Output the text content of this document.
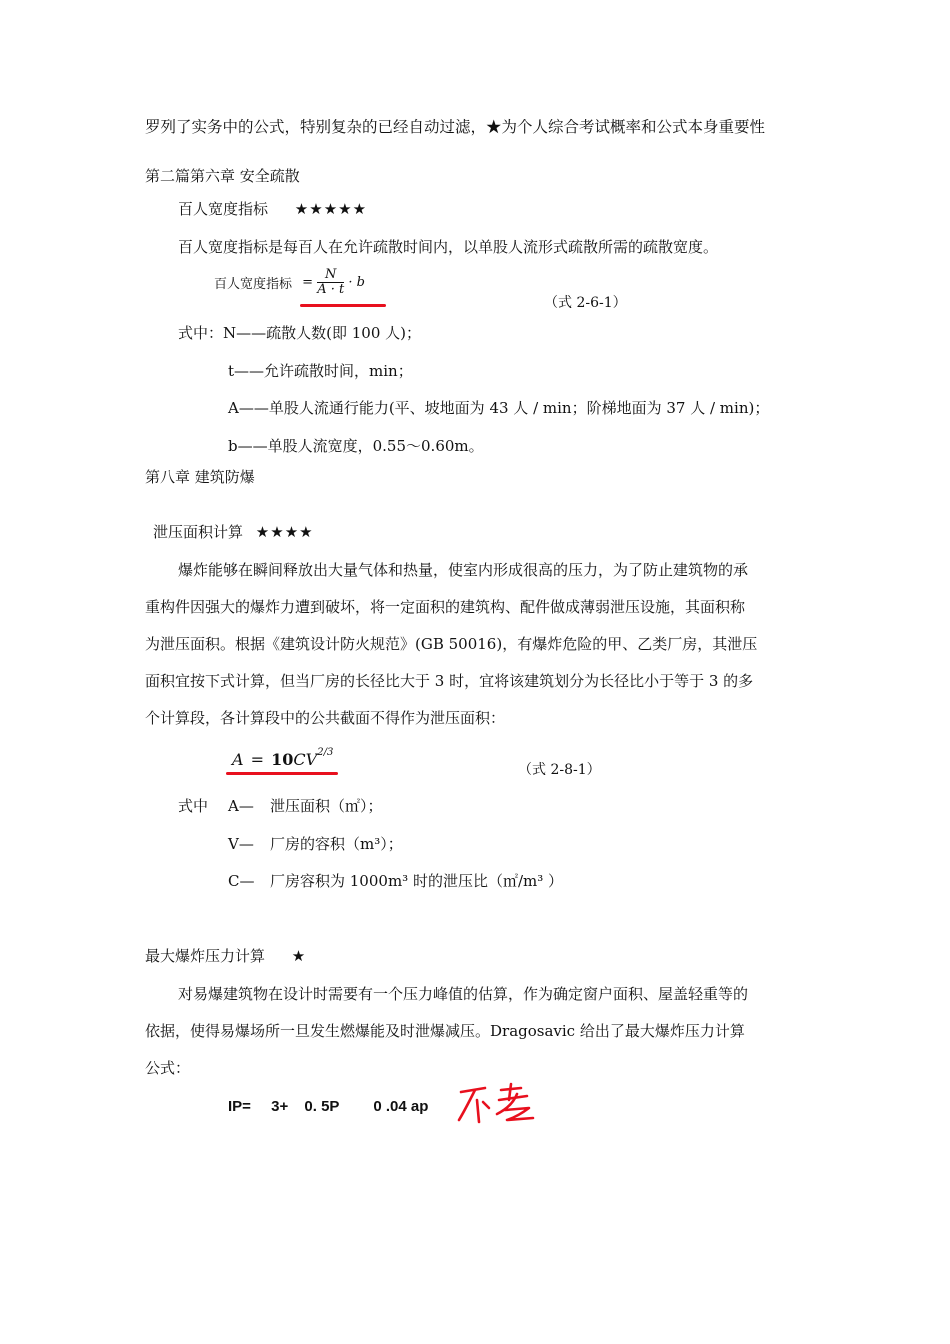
罗列了实务中的公式，特别复杂的已经自动过滤，★为个人综合考试概率和公式本身重要性
第二篇第六章 安全疏散
百人宽度指标 ★★★★★
百人宽度指标是每百人在允许疏散时间内，以单股人流形式疏散所需的疏散宽度。
百人宽度指标 = $\frac{N}{A \cdot t} \cdot b$
（式 2-6-1）
式中：N——疏散人数(即 100 人)；
t——允许疏散时间，min；
A——单股人流通行能力(平、坡地面为 43 人 / min；阶梯地面为 37 人 / min)；
b——单股人流宽度，0.55～0.60m。
第八章 建筑防爆
泄压面积计算 ★★★★
爆炸能够在瞬间释放出大量气体和热量，使室内形成很高的压力，为了防止建筑物的承
重构件因强大的爆炸力遭到破坏，将一定面积的建筑构、配件做成薄弱泄压设施，其面积称
为泄压面积。根据《建筑设计防火规范》(GB 50016)，有爆炸危险的甲、乙类厂房，其泄压
面积宜按下式计算，但当厂房的长径比大于 3 时，宜将该建筑划分为长径比小于等于 3 的多
个计算段，各计算段中的公共截面不得作为泄压面积：
$A = 10CV^{2/3}$
（式 2-8-1）
式中 A— 泄压面积（㎡）；
V— 厂房的容积（m³）；
C— 厂房容积为 1000m³ 时的泄压比（㎡/m³ ）
最大爆炸压力计算 ★
对易爆建筑物在设计时需要有一个压力峰值的估算，作为确定窗户面积、屋盖轻重等的
依据，使得易爆场所一旦发生燃爆能及时泄爆减压。Dragosavic 给出了最大爆炸压力计算
公式：
IP= 3+ 0. 5P 0 .04 ap
